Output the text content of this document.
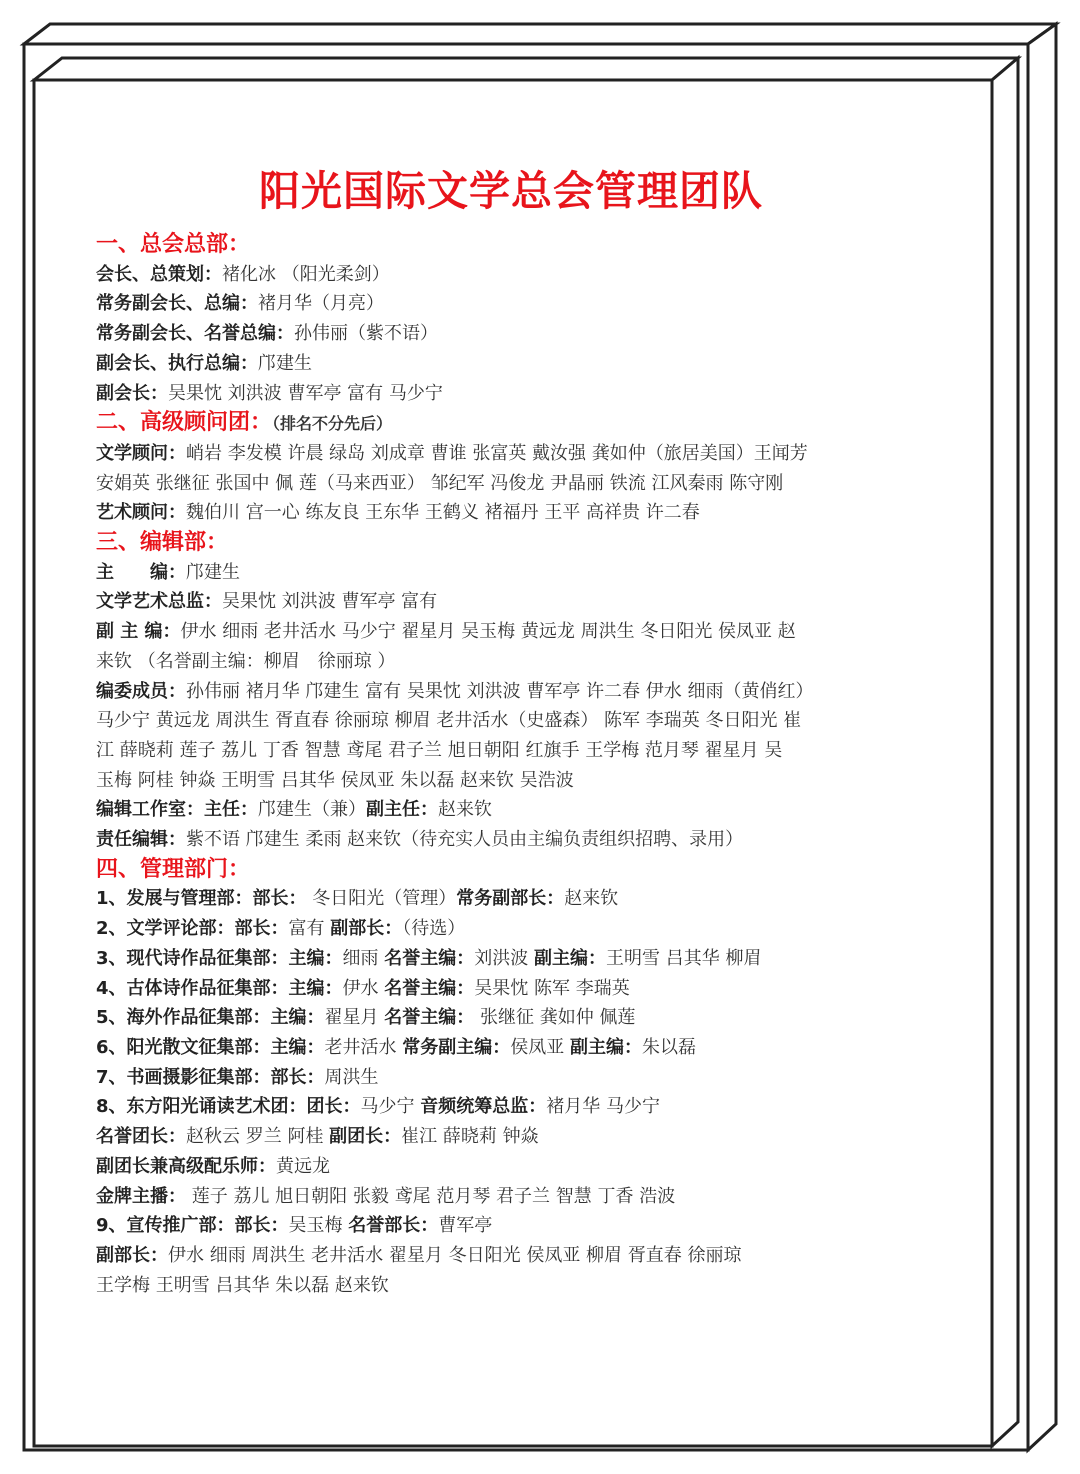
阳光国际文学总会管理团队
一、总会总部：
会长、总策划：褚化冰 （阳光柔剑）
常务副会长、总编：褚月华（月亮）
常务副会长、名誉总编：孙伟丽（紫不语）
副会长、执行总编：邝建生
副会长：吴果忱 刘洪波 曹军亭 富有 马少宁
二、高级顾问团：（排名不分先后）
文学顾问：峭岩 李发模 许晨 绿岛 刘成章 曹谁 张富英 戴汝强 龚如仲（旅居美国）王闻芳
安娟英 张继征 张国中 佩 莲（马来西亚） 邹纪军 冯俊龙 尹晶丽 铁流 江风秦雨 陈守刚
艺术顾问：魏伯川 宫一心 练友良 王东华 王鹤义 褚福丹 王平 高祥贵 许二春
三、编辑部：
主　　编：邝建生
文学艺术总监：吴果忱 刘洪波 曹军亭 富有
副 主 编：伊水 细雨 老井活水 马少宁 翟星月 吴玉梅 黄远龙 周洪生 冬日阳光 侯凤亚 赵
来钦 （名誉副主编：柳眉　徐丽琼 ）
编委成员：孙伟丽 褚月华 邝建生 富有 吴果忱 刘洪波 曹军亭 许二春 伊水 细雨（黄俏红）
马少宁 黄远龙 周洪生 胥直春 徐丽琼 柳眉 老井活水（史盛森） 陈军 李瑞英 冬日阳光 崔
江 薛晓莉 莲子 荔儿 丁香 智慧 鸢尾 君子兰 旭日朝阳 红旗手 王学梅 范月琴 翟星月 吴
玉梅 阿桂 钟焱 王明雪 吕其华 侯凤亚 朱以磊 赵来钦 吴浩波
编辑工作室：主任：邝建生（兼）副主任：赵来钦
责任编辑：紫不语 邝建生 柔雨 赵来钦（待充实人员由主编负责组织招聘、录用）
四、管理部门：
1、发展与管理部：部长： 冬日阳光（管理）常务副部长：赵来钦
2、文学评论部：部长：富有 副部长：（待选）
3、现代诗作品征集部：主编：细雨 名誉主编：刘洪波 副主编：王明雪 吕其华 柳眉
4、古体诗作品征集部：主编：伊水 名誉主编：吴果忱 陈军 李瑞英
5、海外作品征集部：主编：翟星月 名誉主编： 张继征 龚如仲 佩莲
6、阳光散文征集部：主编：老井活水 常务副主编：侯凤亚 副主编：朱以磊
7、书画摄影征集部：部长：周洪生
8、东方阳光诵读艺术团：团长：马少宁 音频统筹总监：褚月华 马少宁
名誉团长：赵秋云 罗兰 阿桂 副团长：崔江 薛晓莉 钟焱
副团长兼高级配乐师：黄远龙
金牌主播： 莲子 荔儿 旭日朝阳 张毅 鸢尾 范月琴 君子兰 智慧 丁香 浩波
9、宣传推广部：部长：吴玉梅 名誉部长：曹军亭
副部长：伊水 细雨 周洪生 老井活水 翟星月 冬日阳光 侯凤亚 柳眉 胥直春 徐丽琼
王学梅 王明雪 吕其华 朱以磊 赵来钦
